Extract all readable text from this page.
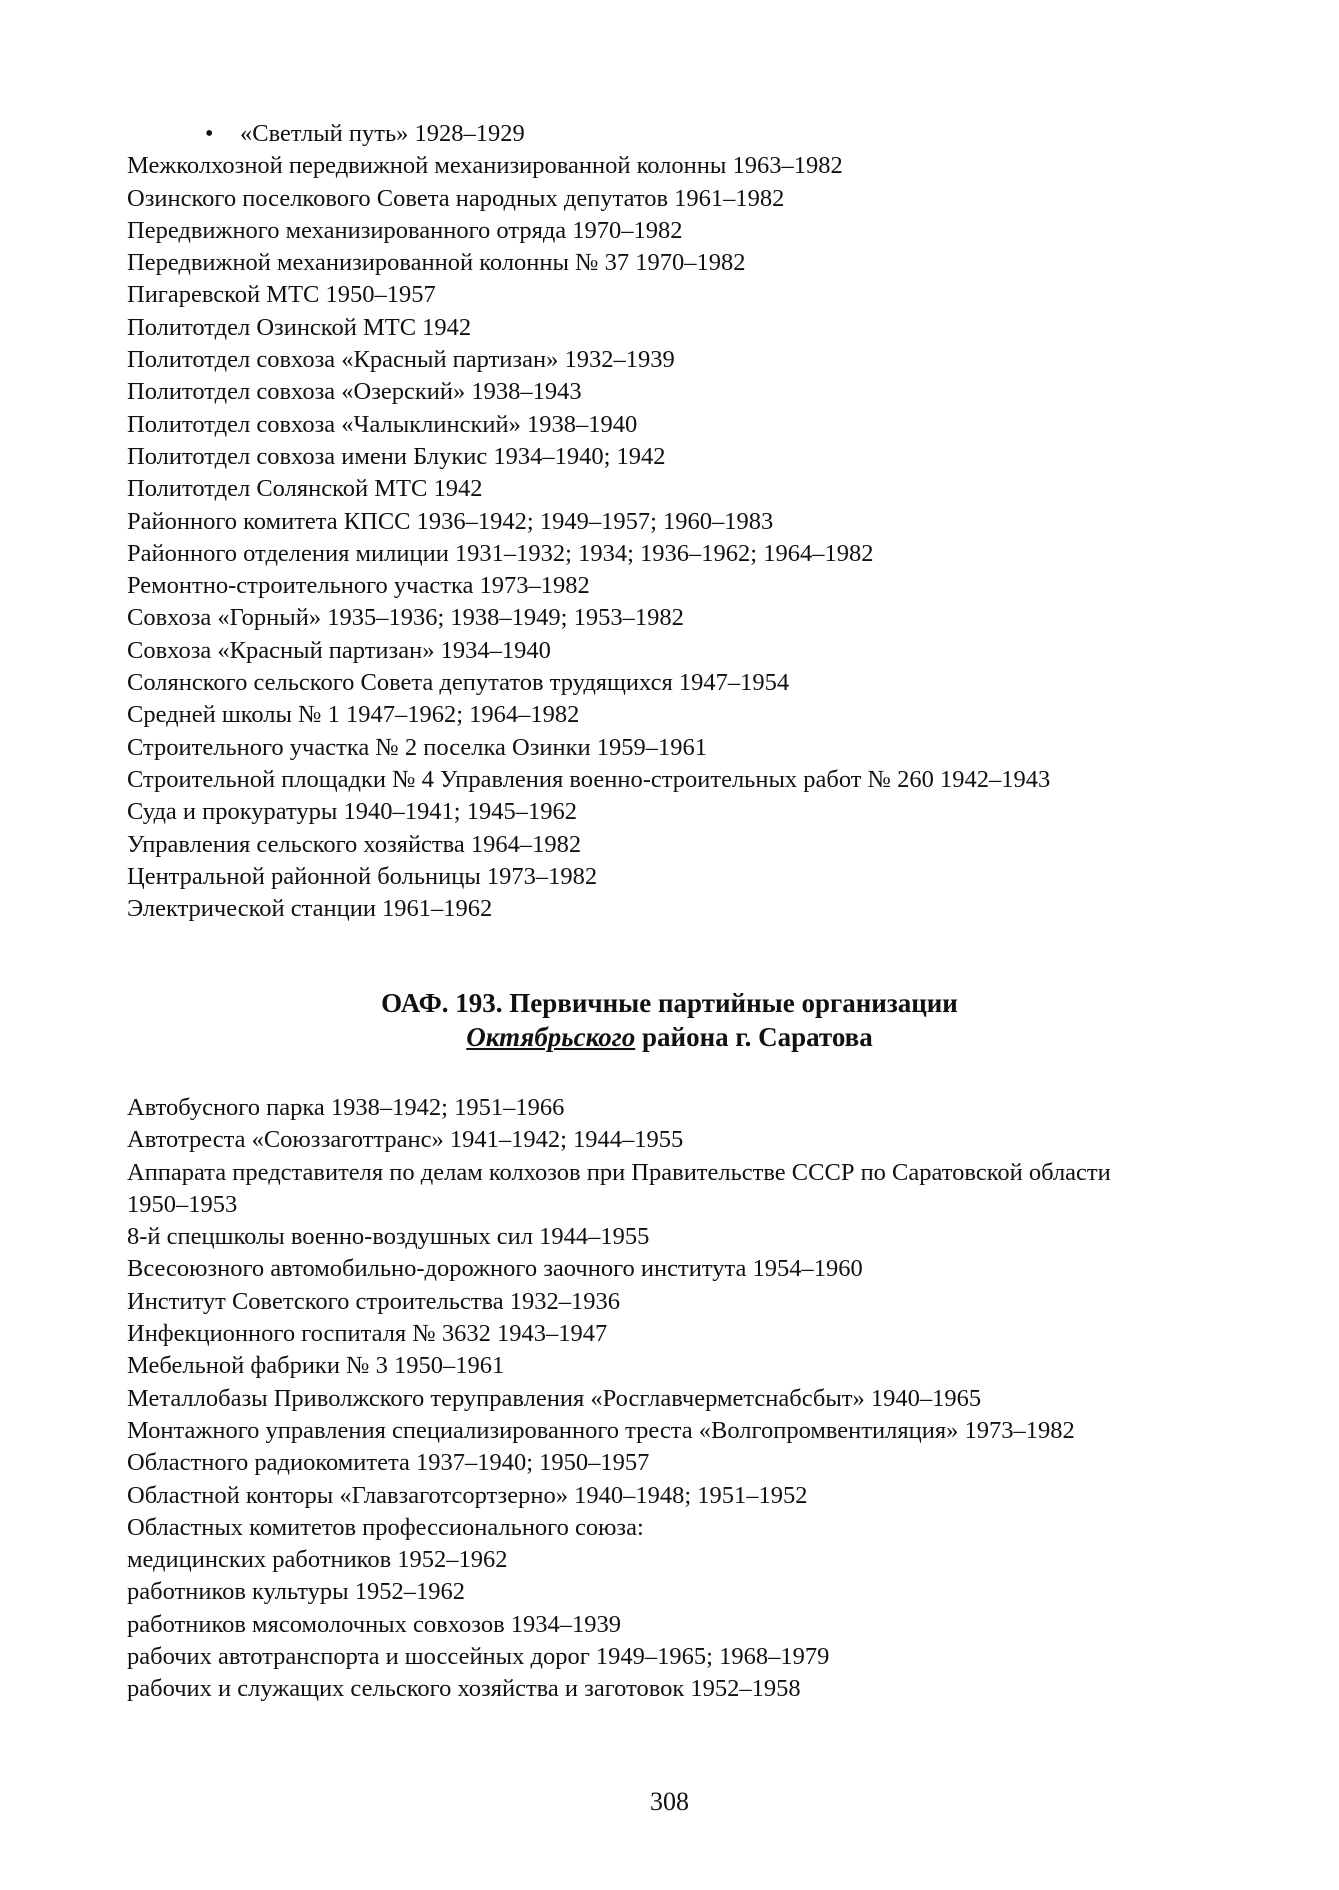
• «Светлый путь» 1928–1929
Межколхозной передвижной механизированной колонны 1963–1982
Озинского поселкового Совета народных депутатов 1961–1982
Передвижного механизированного отряда 1970–1982
Передвижной механизированной колонны № 37 1970–1982
Пигаревской МТС 1950–1957
Политотдел Озинской МТС 1942
Политотдел совхоза «Красный партизан» 1932–1939
Политотдел совхоза «Озерский» 1938–1943
Политотдел совхоза «Чалыклинский» 1938–1940
Политотдел совхоза имени Блукис 1934–1940; 1942
Политотдел Солянской МТС 1942
Районного комитета КПСС 1936–1942; 1949–1957; 1960–1983
Районного отделения милиции 1931–1932; 1934; 1936–1962; 1964–1982
Ремонтно-строительного участка 1973–1982
Совхоза «Горный» 1935–1936; 1938–1949; 1953–1982
Совхоза «Красный партизан» 1934–1940
Солянского сельского Совета депутатов трудящихся 1947–1954
Средней школы № 1 1947–1962; 1964–1982
Строительного участка № 2 поселка Озинки 1959–1961
Строительной площадки № 4 Управления военно-строительных работ № 260 1942–1943
Суда и прокуратуры 1940–1941; 1945–1962
Управления сельского хозяйства 1964–1982
Центральной районной больницы 1973–1982
Электрической станции 1961–1962
ОАФ. 193. Первичные партийные организации
Октябрьского района г. Саратова
Автобусного парка 1938–1942; 1951–1966
Автотреста «Союззаготтранс» 1941–1942; 1944–1955
Аппарата представителя по делам колхозов при Правительстве СССР по Саратовской области
1950–1953
8-й спецшколы военно-воздушных сил 1944–1955
Всесоюзного автомобильно-дорожного заочного института 1954–1960
Институт Советского строительства 1932–1936
Инфекционного госпиталя № 3632 1943–1947
Мебельной фабрики № 3 1950–1961
Металлобазы Приволжского теруправления «Росглавчерметснабсбыт» 1940–1965
Монтажного управления специализированного треста «Волгопромвентиляция» 1973–1982
Областного радиокомитета 1937–1940; 1950–1957
Областной конторы «Главзаготсортзерно» 1940–1948; 1951–1952
Областных комитетов профессионального союза:
медицинских работников 1952–1962
работников культуры 1952–1962
работников мясомолочных совхозов 1934–1939
рабочих автотранспорта и шоссейных дорог 1949–1965; 1968–1979
рабочих и служащих сельского хозяйства и заготовок 1952–1958
308
